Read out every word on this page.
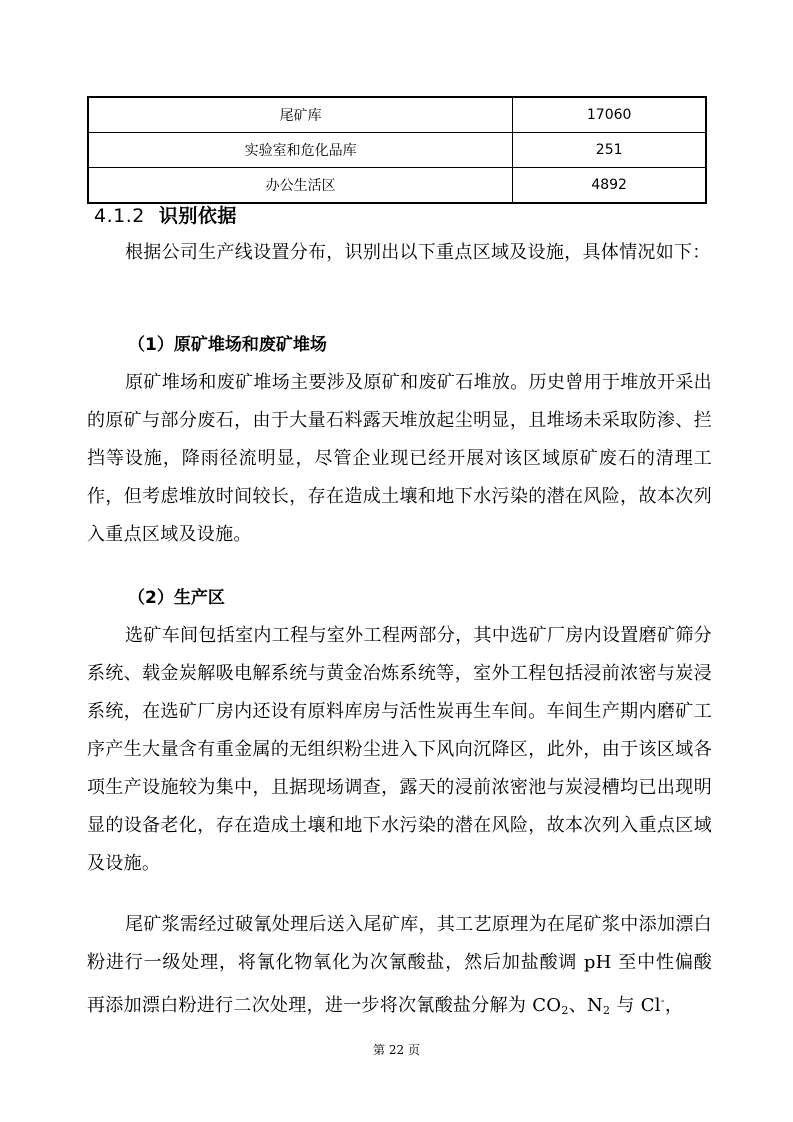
尾矿库	17060
实验室和危化品库	251
办公生活区	4892
4.1.2 识别依据
根据公司生产线设置分布，识别出以下重点区域及设施，具体情况如下：
（1）原矿堆场和废矿堆场
原矿堆场和废矿堆场主要涉及原矿和废矿石堆放。历史曾用于堆放开采出的原矿与部分废石，由于大量石料露天堆放起尘明显，且堆场未采取防渗、拦挡等设施，降雨径流明显，尽管企业现已经开展对该区域原矿废石的清理工作，但考虑堆放时间较长，存在造成土壤和地下水污染的潜在风险，故本次列入重点区域及设施。
（2）生产区
选矿车间包括室内工程与室外工程两部分，其中选矿厂房内设置磨矿筛分系统、载金炭解吸电解系统与黄金冶炼系统等，室外工程包括浸前浓密与炭浸系统，在选矿厂房内还设有原料库房与活性炭再生车间。车间生产期内磨矿工序产生大量含有重金属的无组织粉尘进入下风向沉降区，此外，由于该区域各项生产设施较为集中，且据现场调查，露天的浸前浓密池与炭浸槽均已出现明显的设备老化，存在造成土壤和地下水污染的潜在风险，故本次列入重点区域及设施。
尾矿浆需经过破氰处理后送入尾矿库，其工艺原理为在尾矿浆中添加漂白粉进行一级处理，将氰化物氧化为次氰酸盐，然后加盐酸调 pH 至中性偏酸再添加漂白粉进行二次处理，进一步将次氰酸盐分解为 $CO_2$、$N_2$ 与 Cl-，
第 22 页
